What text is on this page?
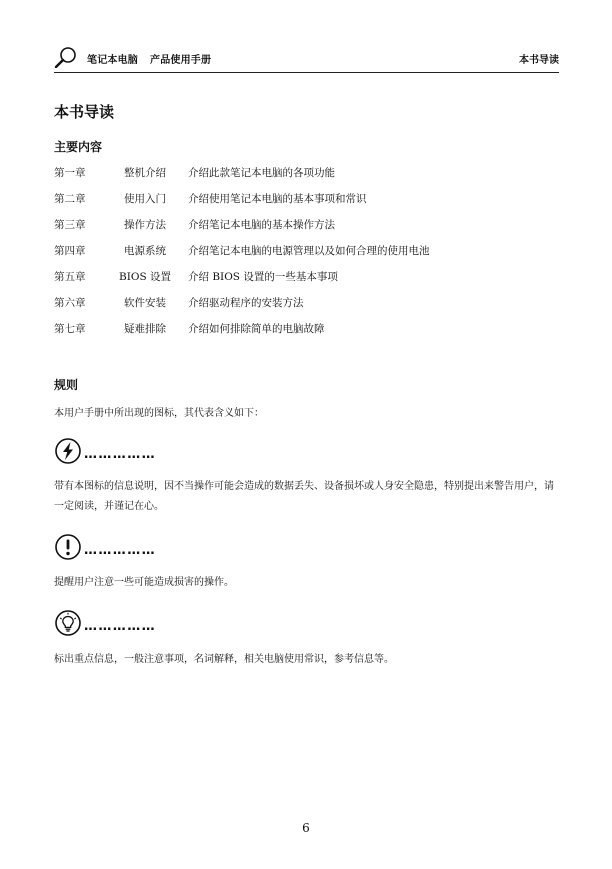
笔记本电脑 产品使用手册	本书导读
本书导读
主要内容
第一章	整机介绍	介绍此款笔记本电脑的各项功能
第二章	使用入门	介绍使用笔记本电脑的基本事项和常识
第三章	操作方法	介绍笔记本电脑的基本操作方法
第四章	电源系统	介绍笔记本电脑的电源管理以及如何合理的使用电池
第五章	BIOS 设置	介绍 BIOS 设置的一些基本事项
第六章	软件安装	介绍驱动程序的安装方法
第七章	疑难排除	介绍如何排除简单的电脑故障
规则
本用户手册中所出现的图标，其代表含义如下：
……………
带有本图标的信息说明，因不当操作可能会造成的数据丢失、设备损坏或人身安全隐患，特别提出来警告用户，请一定阅读，并谨记在心。
……………
提醒用户注意一些可能造成损害的操作。
……………
标出重点信息，一般注意事项，名词解释，相关电脑使用常识，参考信息等。
6
